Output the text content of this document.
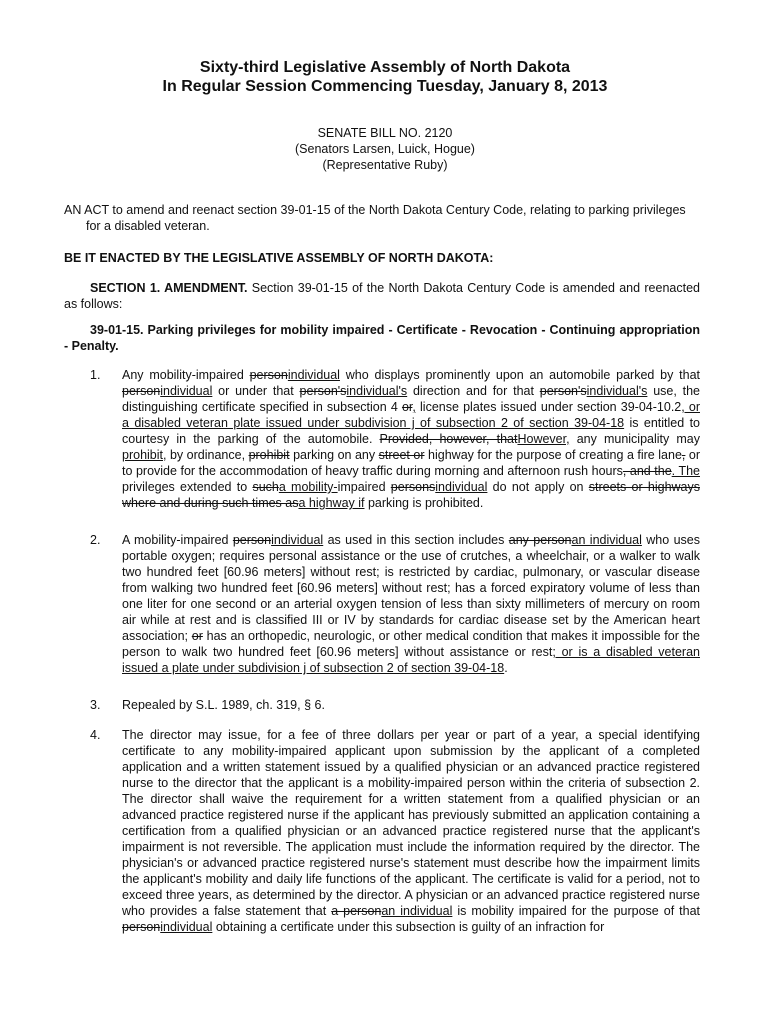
Sixty-third Legislative Assembly of North Dakota
In Regular Session Commencing Tuesday, January 8, 2013
SENATE BILL NO. 2120
(Senators Larsen, Luick, Hogue)
(Representative Ruby)
AN ACT to amend and reenact section 39-01-15 of the North Dakota Century Code, relating to parking privileges for a disabled veteran.
BE IT ENACTED BY THE LEGISLATIVE ASSEMBLY OF NORTH DAKOTA:
SECTION 1. AMENDMENT. Section 39-01-15 of the North Dakota Century Code is amended and reenacted as follows:
39-01-15. Parking privileges for mobility impaired - Certificate - Revocation - Continuing appropriation - Penalty.
1.	Any mobility-impaired personindividual who displays prominently upon an automobile parked by that personindividual or under that person'sindividual's direction and for that person'sindividual's use, the distinguishing certificate specified in subsection 4 or, license plates issued under section 39-04-10.2, or a disabled veteran plate issued under subdivision j of subsection 2 of section 39-04-18 is entitled to courtesy in the parking of the automobile. Provided, however, thatHowever, any municipality may prohibit, by ordinance, prohibit parking on any street or highway for the purpose of creating a fire lane, or to provide for the accommodation of heavy traffic during morning and afternoon rush hours, and the. The privileges extended to sucha mobility-impaired personsindividual do not apply on streets or highways where and during such times asa highway if parking is prohibited.
2.	A mobility-impaired personindividual as used in this section includes any personan individual who uses portable oxygen; requires personal assistance or the use of crutches, a wheelchair, or a walker to walk two hundred feet [60.96 meters] without rest; is restricted by cardiac, pulmonary, or vascular disease from walking two hundred feet [60.96 meters] without rest; has a forced expiratory volume of less than one liter for one second or an arterial oxygen tension of less than sixty millimeters of mercury on room air while at rest and is classified III or IV by standards for cardiac disease set by the American heart association; or has an orthopedic, neurologic, or other medical condition that makes it impossible for the person to walk two hundred feet [60.96 meters] without assistance or rest; or is a disabled veteran issued a plate under subdivision j of subsection 2 of section 39-04-18.
3.	Repealed by S.L. 1989, ch. 319, § 6.
4.	The director may issue, for a fee of three dollars per year or part of a year, a special identifying certificate to any mobility-impaired applicant upon submission by the applicant of a completed application and a written statement issued by a qualified physician or an advanced practice registered nurse to the director that the applicant is a mobility-impaired person within the criteria of subsection 2. The director shall waive the requirement for a written statement from a qualified physician or an advanced practice registered nurse if the applicant has previously submitted an application containing a certification from a qualified physician or an advanced practice registered nurse that the applicant's impairment is not reversible. The application must include the information required by the director. The physician's or advanced practice registered nurse's statement must describe how the impairment limits the applicant's mobility and daily life functions of the applicant. The certificate is valid for a period, not to exceed three years, as determined by the director. A physician or an advanced practice registered nurse who provides a false statement that a personan individual is mobility impaired for the purpose of that personindividual obtaining a certificate under this subsection is guilty of an infraction for
